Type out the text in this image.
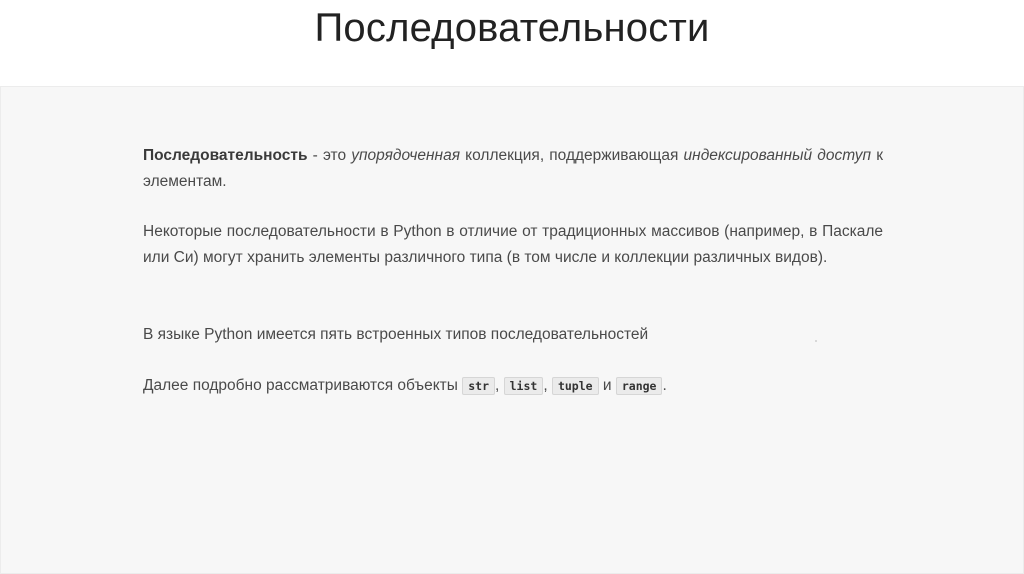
Последовательности
Последовательность - это упорядоченная коллекция, поддерживающая индексированный доступ к элементам.
Некоторые последовательности в Python в отличие от традиционных массивов (например, в Паскале или Си) могут хранить элементы различного типа (в том числе и коллекции различных видов).
В языке Python имеется пять встроенных типов последовательностей
Далее подробно рассматриваются объекты str , list , tuple и range .
